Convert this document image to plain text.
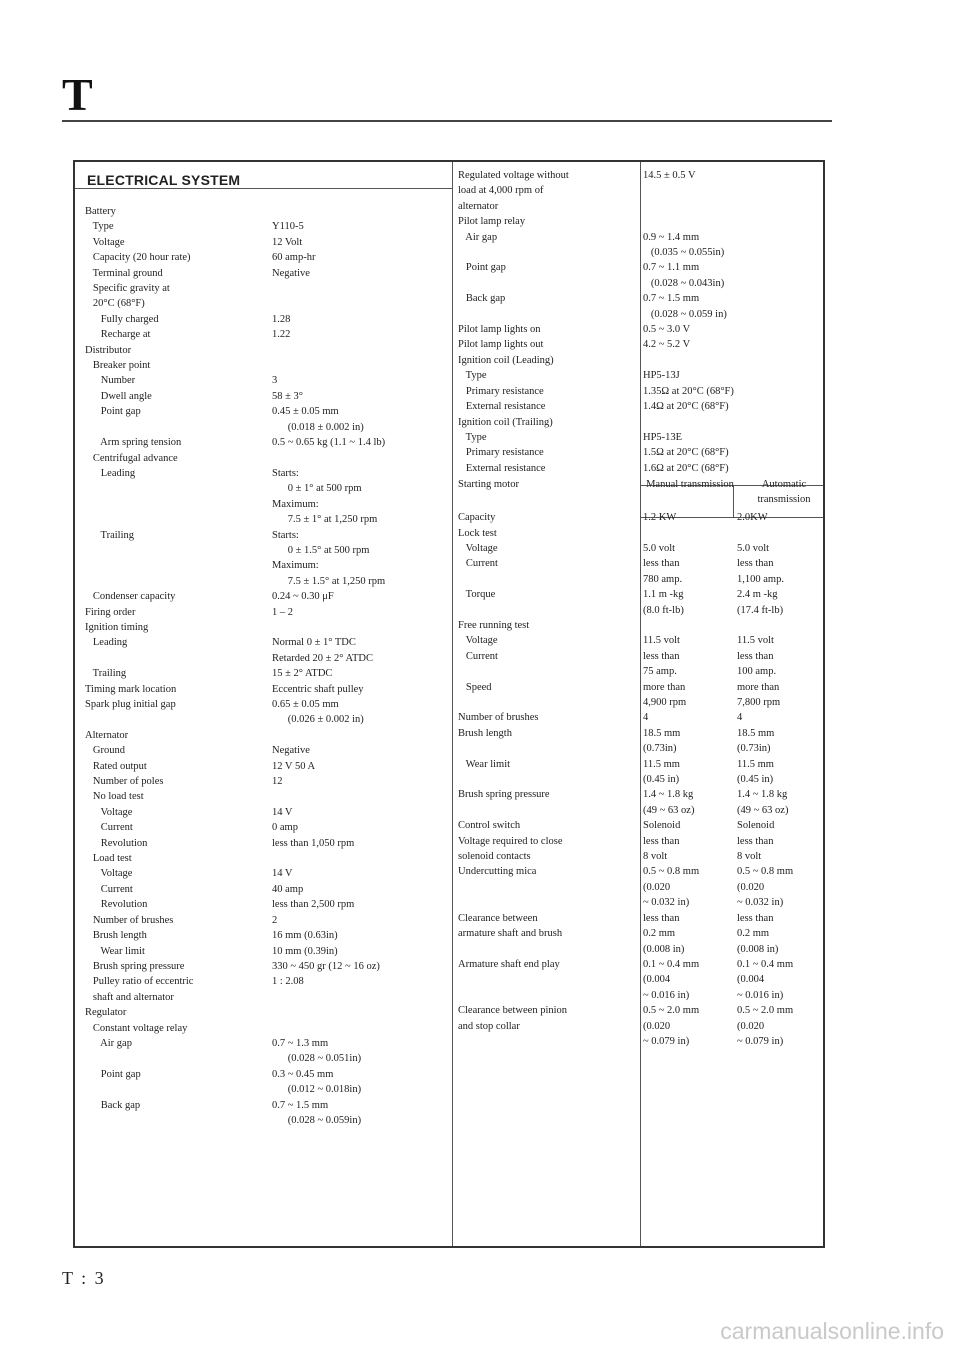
T
ELECTRICAL SYSTEM
Battery
Type	Y110-5
Voltage	12 Volt
Capacity (20 hour rate)	60 amp-hr
Terminal ground	Negative
Specific gravity at
20°C (68°F)
Fully charged	1.28
Recharge at	1.22
Distributor
Breaker point
Number	3
Dwell angle	58 ± 3°
Point gap	0.45 ± 0.05 mm
(0.018 ± 0.002 in)
Arm spring tension	0.5 ~ 0.65 kg (1.1 ~ 1.4 lb)
Centrifugal advance
Leading	Starts:
0 ± 1° at 500 rpm
Maximum:
7.5 ± 1° at 1,250 rpm
Trailing	Starts:
0 ± 1.5° at 500 rpm
Maximum:
7.5 ± 1.5° at 1,250 rpm
Condenser capacity	0.24 ~ 0.30 μF
Firing order	1 – 2
Ignition timing
Leading	Normal 0 ± 1° TDC
Retarded 20 ± 2° ATDC
Trailing	15 ± 2° ATDC
Timing mark location	Eccentric shaft pulley
Spark plug initial gap	0.65 ± 0.05 mm
(0.026 ± 0.002 in)
Alternator
Ground	Negative
Rated output	12 V 50 A
Number of poles	12
No load test
Voltage	14 V
Current	0 amp
Revolution	less than 1,050 rpm
Load test
Voltage	14 V
Current	40 amp
Revolution	less than 2,500 rpm
Number of brushes	2
Brush length	16 mm (0.63in)
Wear limit	10 mm (0.39in)
Brush spring pressure	330 ~ 450 gr (12 ~ 16 oz)
Pulley ratio of eccentric	1 : 2.08
shaft and alternator
Regulator
Constant voltage relay
Air gap	0.7 ~ 1.3 mm
(0.028 ~ 0.051in)
Point gap	0.3 ~ 0.45 mm
(0.012 ~ 0.018in)
Back gap	0.7 ~ 1.5 mm
(0.028 ~ 0.059in)
Regulated voltage without	14.5 ± 0.5 V
load at 4,000 rpm of
alternator
Pilot lamp relay
Air gap	0.9 ~ 1.4 mm
(0.035 ~ 0.055in)
Point gap	0.7 ~ 1.1 mm
(0.028 ~ 0.043in)
Back gap	0.7 ~ 1.5 mm
(0.028 ~ 0.059 in)
Pilot lamp lights on	0.5 ~ 3.0 V
Pilot lamp lights out	4.2 ~ 5.2 V
Ignition coil (Leading)
Type	HP5-13J
Primary resistance	1.35Ω at 20°C (68°F)
External resistance	1.4Ω at 20°C (68°F)
Ignition coil (Trailing)
Type	HP5-13E
Primary resistance	1.5Ω at 20°C (68°F)
External resistance	1.6Ω at 20°C (68°F)
Starting motor	Manual transmission	Automatic transmission
Capacity	1.2 KW	2.0KW
Lock test
Voltage	5.0 volt	5.0 volt
Current	less than	less than
780 amp.	1,100 amp.
Torque	1.1 m -kg	2.4 m -kg
(8.0 ft-lb)	(17.4 ft-lb)
Free running test
Voltage	11.5 volt	11.5 volt
Current	less than	less than
75 amp.	100 amp.
Speed	more than	more than
4,900 rpm	7,800 rpm
Number of brushes	4	4
Brush length	18.5 mm	18.5 mm
(0.73in)	(0.73in)
Wear limit	11.5 mm	11.5 mm
(0.45 in)	(0.45 in)
Brush spring pressure	1.4 ~ 1.8 kg	1.4 ~ 1.8 kg
(49 ~ 63 oz)	(49 ~ 63 oz)
Control switch	Solenoid	Solenoid
Voltage required to close	less than	less than
solenoid contacts	8 volt	8 volt
Undercutting mica	0.5 ~ 0.8 mm	0.5 ~ 0.8 mm
(0.020	(0.020
~ 0.032 in)	~ 0.032 in)
Clearance between	less than	less than
armature shaft and brush	0.2 mm	0.2 mm
(0.008 in)	(0.008 in)
Armature shaft end play	0.1 ~ 0.4 mm	0.1 ~ 0.4 mm
(0.004	(0.004
~ 0.016 in)	~ 0.016 in)
Clearance between pinion	0.5 ~ 2.0 mm	0.5 ~ 2.0 mm
and stop collar	(0.020	(0.020
~ 0.079 in)	~ 0.079 in)
T : 3
carmanualsonline.info
